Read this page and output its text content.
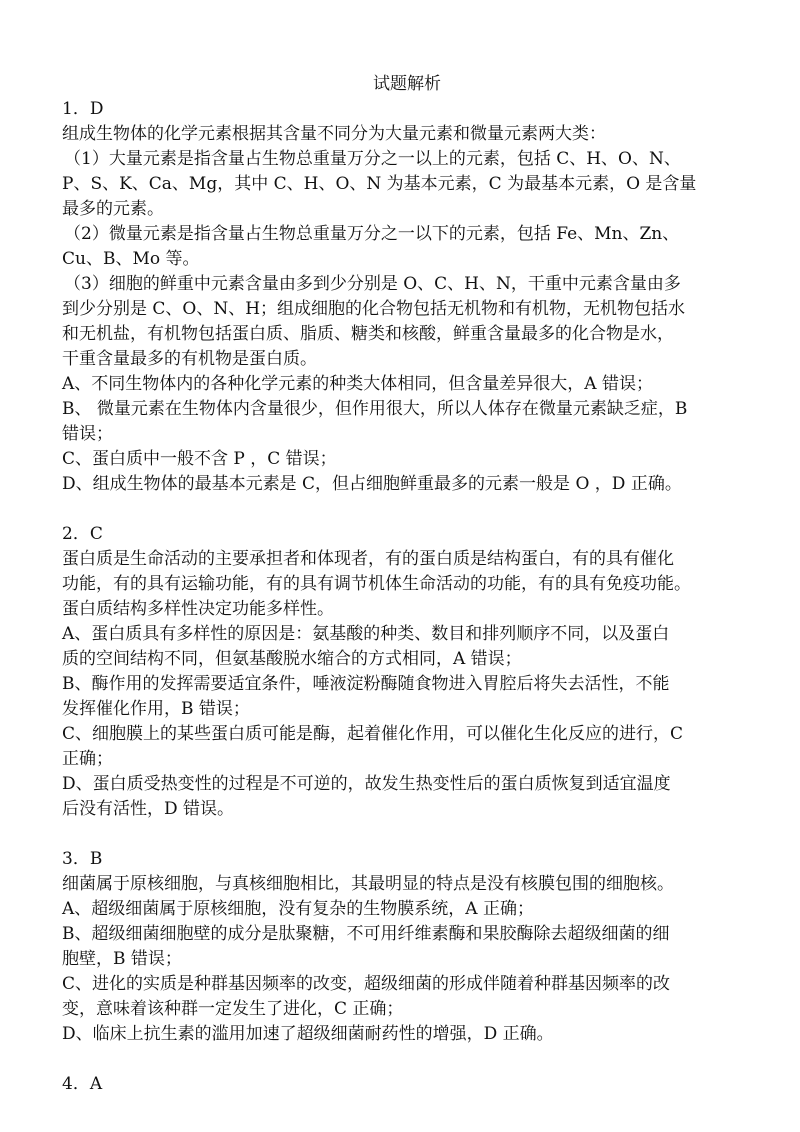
试题解析

1．D

组成生物体的化学元素根据其含量不同分为大量元素和微量元素两大类：

（1）大量元素是指含量占生物总重量万分之一以上的元素，包括 C、H、O、N、

P、S、K、Ca、Mg，其中 C、H、O、N 为基本元素，C 为最基本元素，O 是含量

最多的元素。

（2）微量元素是指含量占生物总重量万分之一以下的元素，包括 Fe、Mn、Zn、

Cu、B、Mo 等。

（3）细胞的鲜重中元素含量由多到少分别是 O、C、H、N，干重中元素含量由多

到少分别是 C、O、N、H；组成细胞的化合物包括无机物和有机物，无机物包括水

和无机盐，有机物包括蛋白质、脂质、糖类和核酸，鲜重含量最多的化合物是水，

干重含量最多的有机物是蛋白质。

A、不同生物体内的各种化学元素的种类大体相同，但含量差异很大，A 错误；

B、 微量元素在生物体内含量很少，但作用很大，所以人体存在微量元素缺乏症，B

错误；

C、蛋白质中一般不含 P ，C 错误；

D、组成生物体的最基本元素是 C，但占细胞鲜重最多的元素一般是 O ，D 正确。

2．C

蛋白质是生命活动的主要承担者和体现者，有的蛋白质是结构蛋白，有的具有催化

功能，有的具有运输功能，有的具有调节机体生命活动的功能，有的具有免疫功能。

蛋白质结构多样性决定功能多样性。

A、蛋白质具有多样性的原因是：氨基酸的种类、数目和排列顺序不同，以及蛋白

质的空间结构不同，但氨基酸脱水缩合的方式相同，A 错误；

B、酶作用的发挥需要适宜条件，唾液淀粉酶随食物进入胃腔后将失去活性，不能

发挥催化作用，B 错误；

C、细胞膜上的某些蛋白质可能是酶，起着催化作用，可以催化生化反应的进行，C

正确；

D、蛋白质受热变性的过程是不可逆的，故发生热变性后的蛋白质恢复到适宜温度

后没有活性，D 错误。

3．B

细菌属于原核细胞，与真核细胞相比，其最明显的特点是没有核膜包围的细胞核。

A、超级细菌属于原核细胞，没有复杂的生物膜系统，A 正确；

B、超级细菌细胞壁的成分是肽聚糖，不可用纤维素酶和果胶酶除去超级细菌的细

胞壁，B 错误；

C、进化的实质是种群基因频率的改变，超级细菌的形成伴随着种群基因频率的改

变，意味着该种群一定发生了进化，C 正确；

D、临床上抗生素的滥用加速了超级细菌耐药性的增强，D 正确。

4．A
